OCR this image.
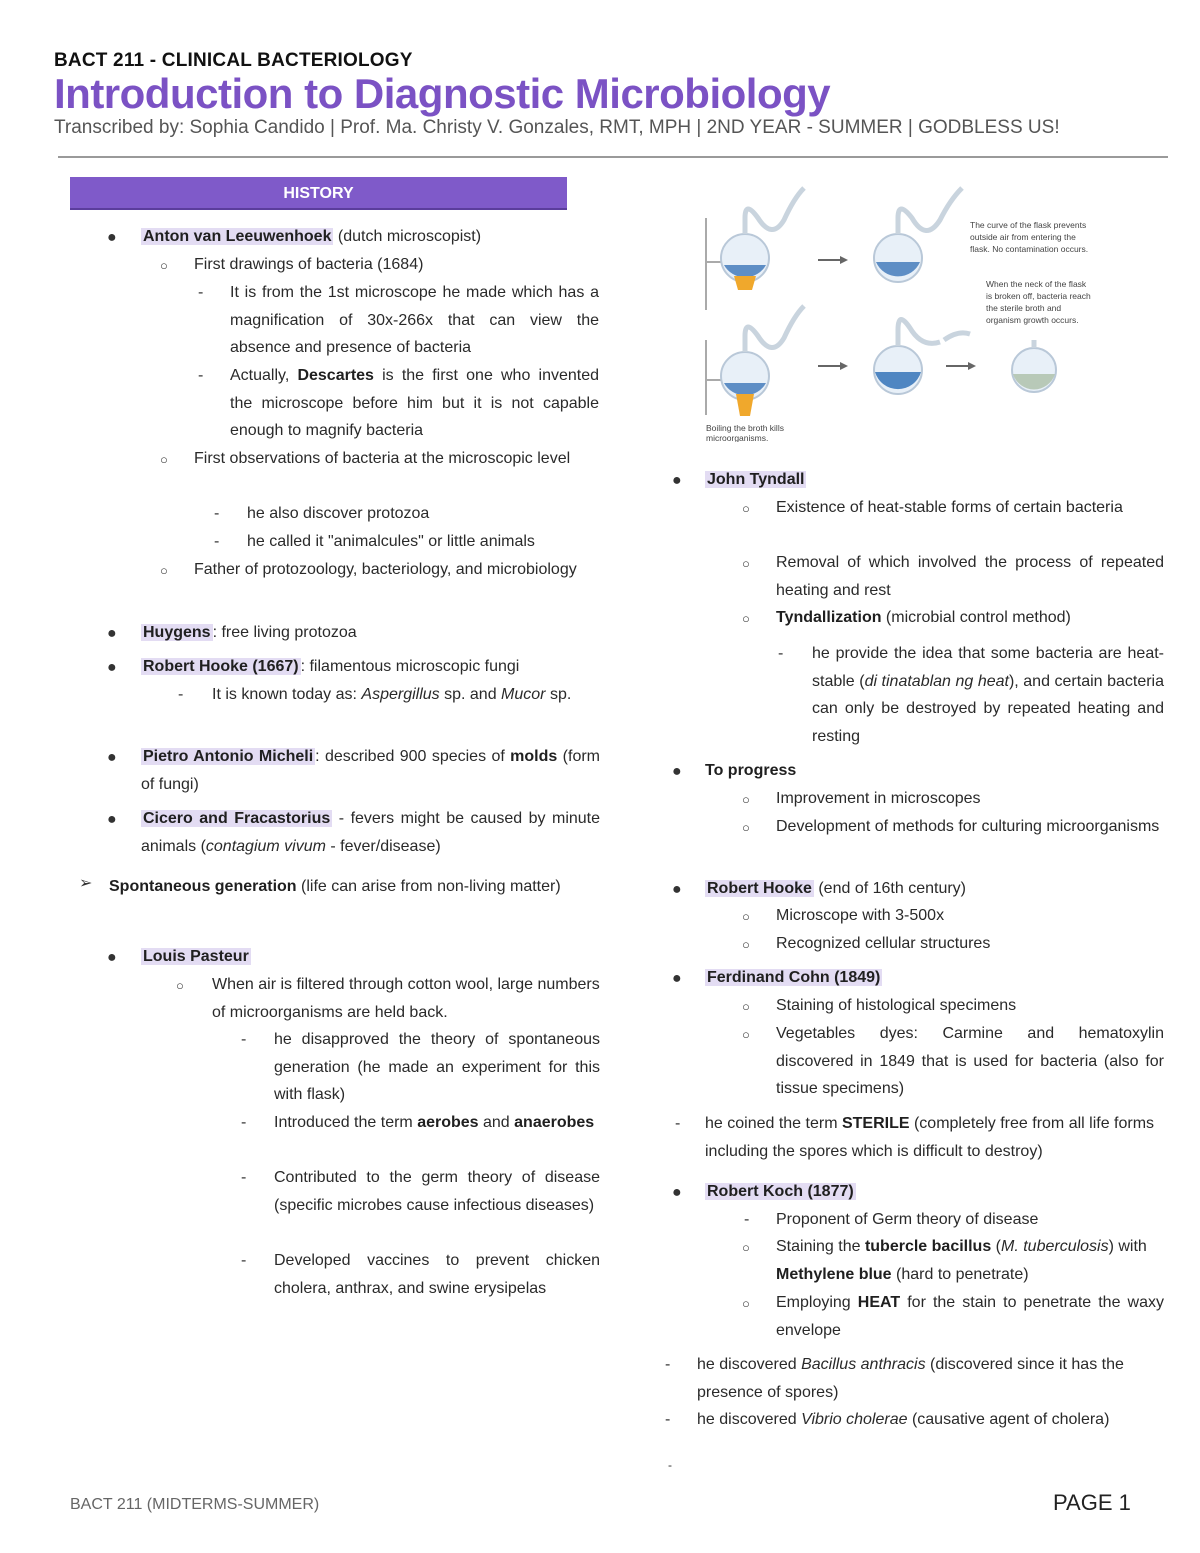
BACT 211 - CLINICAL BACTERIOLOGY
Introduction to Diagnostic Microbiology
Transcribed by: Sophia Candido | Prof. Ma. Christy V. Gonzales, RMT, MPH | 2ND YEAR - SUMMER | GODBLESS US!
HISTORY
● Anton van Leeuwenhoek (dutch microscopist)
○ First drawings of bacteria (1684)
- It is from the 1st microscope he made which has a magnification of 30x-266x that can view the absence and presence of bacteria
- Actually, Descartes is the first one who invented the microscope before him but it is not capable enough to magnify bacteria
○ First observations of bacteria at the microscopic level
- he also discover protozoa
- he called it "animalcules" or little animals
○ Father of protozoology, bacteriology, and microbiology
● Huygens : free living protozoa
● Robert Hooke (1667) : filamentous microscopic fungi
- It is known today as: Aspergillus sp. and Mucor sp.
● Pietro Antonio Micheli : described 900 species of molds (form of fungi)
● Cicero and Fracastorius - fevers might be caused by minute animals (contagium vivum - fever/disease)
➢	Spontaneous generation (life can arise from non-living matter)
● Louis Pasteur
○ When air is filtered through cotton wool, large numbers of microorganisms are held back.
- he disapproved the theory of spontaneous generation (he made an experiment for this with flask)
- Introduced the term aerobes and anaerobes
- Contributed to the germ theory of disease (specific microbes cause infectious diseases)
- Developed vaccines to prevent chicken cholera, anthrax, and swine erysipelas
The curve of the flask prevents
outside air from entering the
flask. No contamination occurs.
When the neck of the flask
is broken off, bacteria reach
the sterile broth and
organism growth occurs.
Boiling the broth kills
microorganisms.
● John Tyndall
○ Existence of heat-stable forms of certain bacteria
○ Removal of which involved the process of repeated heating and rest
○ Tyndallization (microbial control method)
- he provide the idea that some bacteria are heat-stable (di tinatablan ng heat), and certain bacteria can only be destroyed by repeated heating and resting
● To progress
○ Improvement in microscopes
○ Development of methods for culturing microorganisms
● Robert Hooke (end of 16th century)
○ Microscope with 3-500x
○ Recognized cellular structures
● Ferdinand Cohn (1849)
○ Staining of histological specimens
○ Vegetables dyes: Carmine and hematoxylin discovered in 1849 that is used for bacteria (also for tissue specimens)
- he coined the term STERILE (completely free from all life forms including the spores which is difficult to destroy)
● Robert Koch (1877)
- Proponent of Germ theory of disease
○ Staining the tubercle bacillus (M. tuberculosis) with Methylene blue (hard to penetrate)
○ Employing HEAT for the stain to penetrate the waxy envelope
- he discovered Bacillus anthracis (discovered since it has the presence of spores)
- he discovered Vibrio cholerae (causative agent of cholera)
-
BACT 211 (MIDTERMS-SUMMER)	PAGE 1
